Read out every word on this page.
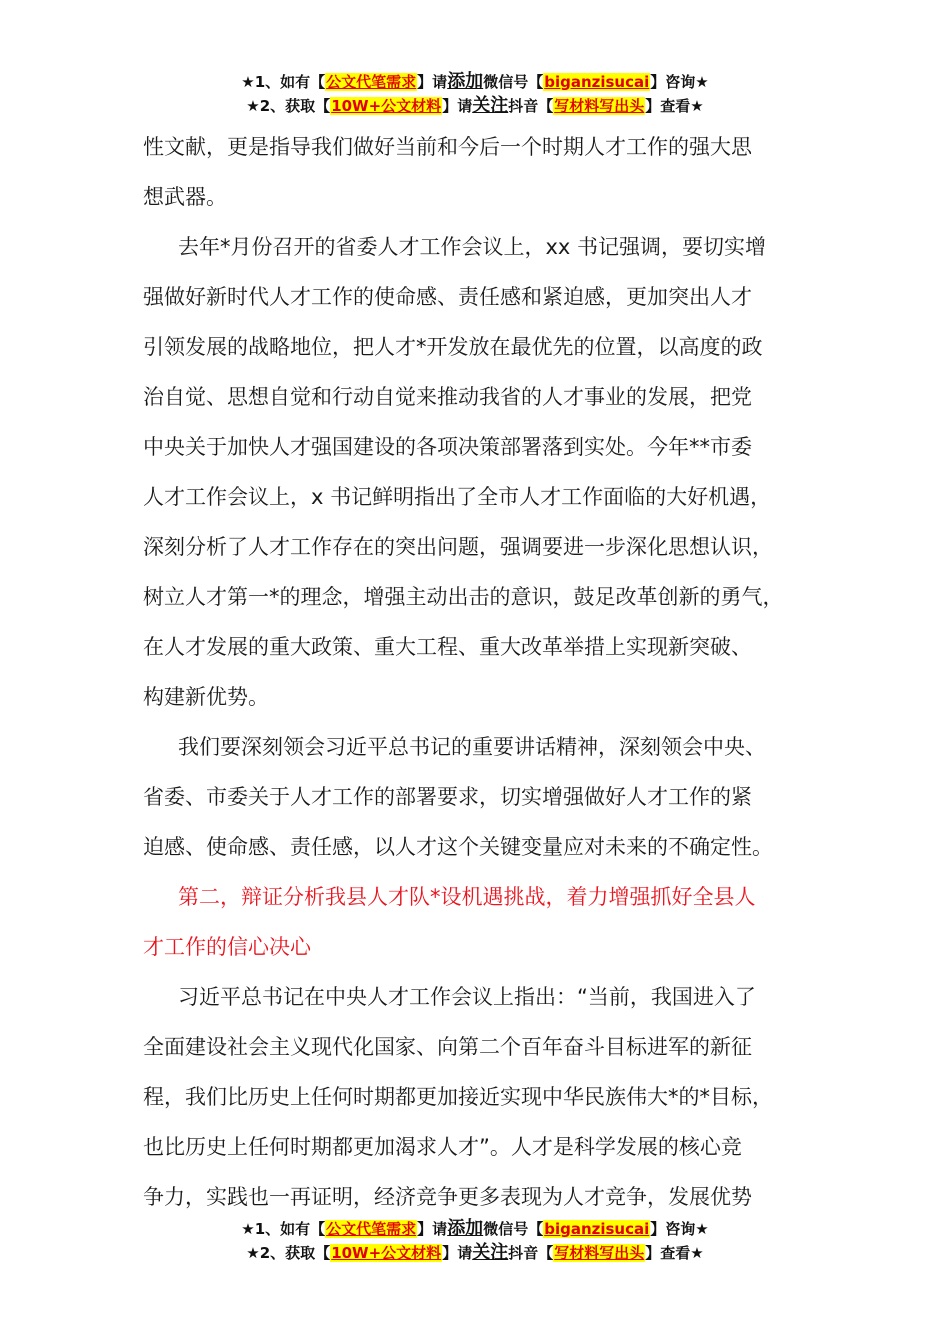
★1、如有【公文代笔需求】请添加微信号【biganzisucai】咨询★
★2、获取【10W+公文材料】请关注抖音【写材料写出头】查看★

性文献，更是指导我们做好当前和今后一个时期人才工作的强大思
想武器。

去年*月份召开的省委人才工作会议上，xx 书记强调，要切实增
强做好新时代人才工作的使命感、责任感和紧迫感，更加突出人才
引领发展的战略地位，把人才*开发放在最优先的位置，以高度的政
治自觉、思想自觉和行动自觉来推动我省的人才事业的发展，把党
中央关于加快人才强国建设的各项决策部署落到实处。今年**市委
人才工作会议上，x 书记鲜明指出了全市人才工作面临的大好机遇，
深刻分析了人才工作存在的突出问题，强调要进一步深化思想认识，
树立人才第一*的理念，增强主动出击的意识，鼓足改革创新的勇气，
在人才发展的重大政策、重大工程、重大改革举措上实现新突破、
构建新优势。

我们要深刻领会习近平总书记的重要讲话精神，深刻领会中央、
省委、市委关于人才工作的部署要求，切实增强做好人才工作的紧
迫感、使命感、责任感，以人才这个关键变量应对未来的不确定性。

第二，辩证分析我县人才队*设机遇挑战，着力增强抓好全县人
才工作的信心决心

习近平总书记在中央人才工作会议上指出：“当前，我国进入了
全面建设社会主义现代化国家、向第二个百年奋斗目标进军的新征
程，我们比历史上任何时期都更加接近实现中华民族伟大*的*目标，
也比历史上任何时期都更加渴求人才”。人才是科学发展的核心竞
争力，实践也一再证明，经济竞争更多表现为人才竞争，发展优势

★1、如有【公文代笔需求】请添加微信号【biganzisucai】咨询★
★2、获取【10W+公文材料】请关注抖音【写材料写出头】查看★
